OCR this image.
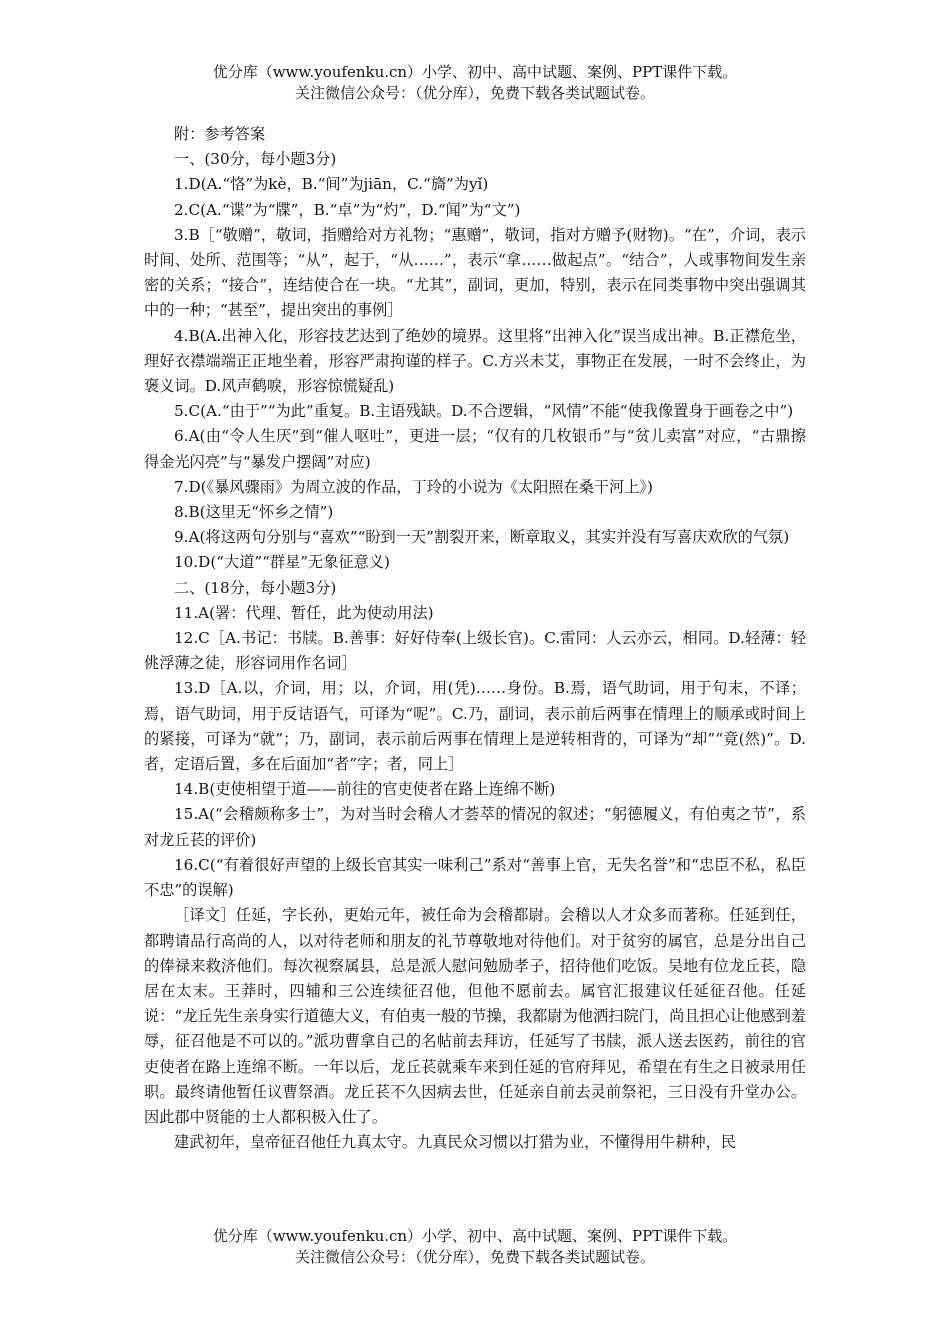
优分库（www.youfenku.cn）小学、初中、高中试题、案例、PPT课件下载。
关注微信公众号：（优分库），免费下载各类试题试卷。

附：参考答案

一、(30分，每小题3分)

1.D(A.“恪”为kè，B.“间”为jiān，C.“旖”为yǐ)

2.C(A.“谍”为“牒”，B.“卓”为“灼”，D.“闻”为“文”)

3.B［“敬赠”，敬词，指赠给对方礼物；“惠赠”，敬词，指对方赠予(财物)。“在”，介词，表示时间、处所、范围等；“从”，起于，“从……”，表示“拿……做起点”。“结合”，人或事物间发生亲密的关系；“接合”，连结使合在一块。“尤其”，副词，更加，特别，表示在同类事物中突出强调其中的一种；“甚至”，提出突出的事例］

4.B(A.出神入化，形容技艺达到了绝妙的境界。这里将“出神入化”误当成出神。B.正襟危坐，理好衣襟端端正正地坐着，形容严肃拘谨的样子。C.方兴未艾，事物正在发展，一时不会终止，为褒义词。D.风声鹤唳，形容惊慌疑乱)

5.C(A.“由于”“为此”重复。B.主语残缺。D.不合逻辑，“风情”不能“使我像置身于画卷之中”)

6.A(由“令人生厌”到“催人呕吐”，更进一层；“仅有的几枚银币”与“贫儿卖富”对应，“古鼎擦得金光闪亮”与“暴发户摆阔”对应)

7.D(《暴风骤雨》为周立波的作品，丁玲的小说为《太阳照在桑干河上》)

8.B(这里无“怀乡之情”)

9.A(将这两句分别与“喜欢”“盼到一天”割裂开来，断章取义，其实并没有写喜庆欢欣的气氛)

10.D(“大道”“群星”无象征意义)

二、(18分，每小题3分)

11.A(署：代理、暂任，此为使动用法)

12.C［A.书记：书牍。B.善事：好好侍奉(上级长官)。C.雷同：人云亦云，相同。D.轻薄：轻佻浮薄之徒，形容词用作名词］

13.D［A.以，介词，用；以，介词，用(凭)……身份。B.焉，语气助词，用于句末，不译；焉，语气助词，用于反诘语气，可译为“呢”。C.乃，副词，表示前后两事在情理上的顺承或时间上的紧接，可译为“就”；乃，副词，表示前后两事在情理上是逆转相背的，可译为“却”“竟(然)”。D.者，定语后置，多在后面加“者”字；者，同上］

14.B(吏使相望于道——前往的官吏使者在路上连绵不断)

15.A(“会稽颇称多士”，为对当时会稽人才荟萃的情况的叙述；“躬德履义，有伯夷之节”，系对龙丘苌的评价)

16.C(“有着很好声望的上级长官其实一味利己”系对“善事上官，无失名誉”和“忠臣不私，私臣不忠”的误解)

［译文］任延，字长孙，更始元年，被任命为会稽都尉。会稽以人才众多而著称。任延到任，都聘请品行高尚的人，以对待老师和朋友的礼节尊敬地对待他们。对于贫穷的属官，总是分出自己的俸禄来救济他们。每次视察属县，总是派人慰问勉励孝子，招待他们吃饭。吴地有位龙丘苌，隐居在太末。王莽时，四辅和三公连续征召他，但他不愿前去。属官汇报建议任延征召他。任延说：“龙丘先生亲身实行道德大义，有伯夷一般的节操，我都尉为他洒扫院门，尚且担心让他感到羞辱，征召他是不可以的。”派功曹拿自己的名帖前去拜访，任延写了书牍，派人送去医药，前往的官吏使者在路上连绵不断。一年以后，龙丘苌就乘车来到任延的官府拜见，希望在有生之日被录用任职。最终请他暂任议曹祭酒。龙丘苌不久因病去世，任延亲自前去灵前祭祀，三日没有升堂办公。因此郡中贤能的士人都积极入仕了。

建武初年，皇帝征召他任九真太守。九真民众习惯以打猎为业，不懂得用牛耕种，民

优分库（www.youfenku.cn）小学、初中、高中试题、案例、PPT课件下载。
关注微信公众号：（优分库），免费下载各类试题试卷。
